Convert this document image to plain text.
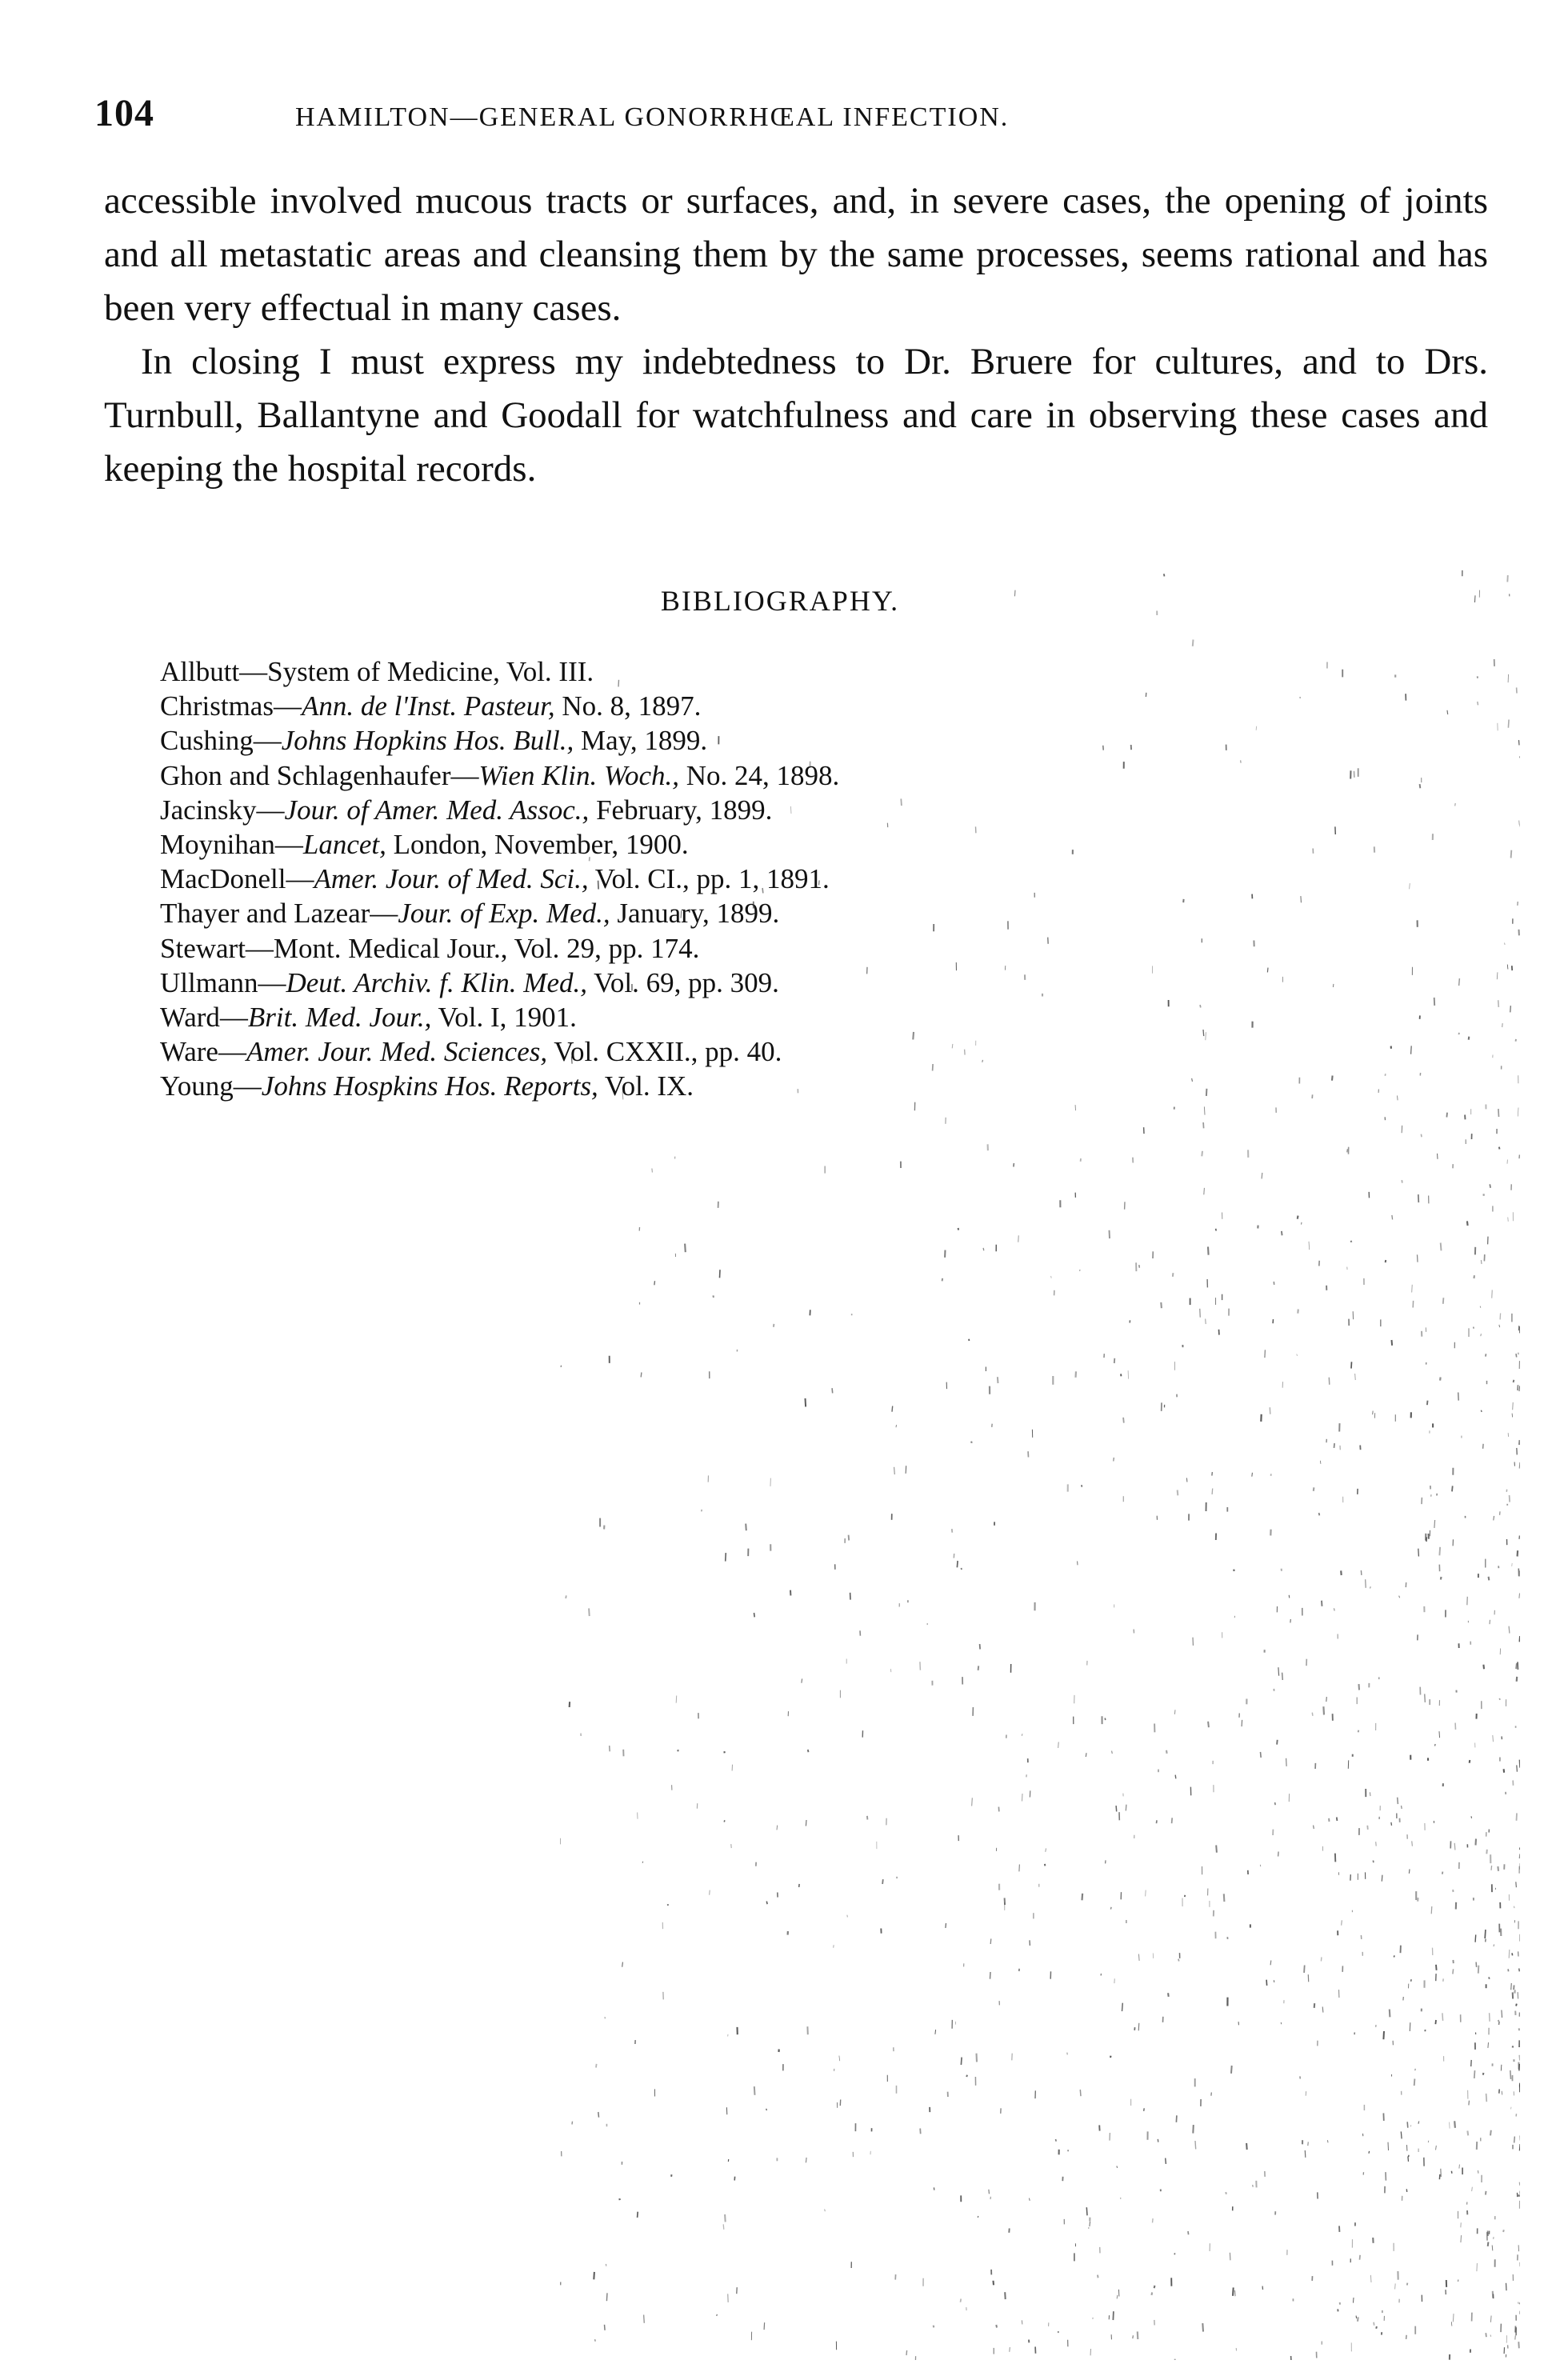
104	HAMILTON—GENERAL GONORRHŒAL INFECTION.

accessible involved mucous tracts or surfaces, and, in severe cases, the opening of joints and all metastatic areas and cleansing them by the same processes, seems rational and has been very effectual in many cases.

In closing I must express my indebtedness to Dr. Bruere for cultures, and to Drs. Turnbull, Ballantyne and Goodall for watchfulness and care in observing these cases and keeping the hospital records.

BIBLIOGRAPHY.
Allbutt—System of Medicine, Vol. III.
Christmas—Ann. de l'Inst. Pasteur, No. 8, 1897.
Cushing—Johns Hopkins Hos. Bull., May, 1899.
Ghon and Schlagenhaufer—Wien Klin. Woch., No. 24, 1898.
Jacinsky—Jour. of Amer. Med. Assoc., February, 1899.
Moynihan—Lancet, London, November, 1900.
MacDonell—Amer. Jour. of Med. Sci., Vol. CI., pp. 1, 1891.
Thayer and Lazear—Jour. of Exp. Med., January, 1899.
Stewart—Mont. Medical Jour., Vol. 29, pp. 174.
Ullmann—Deut. Archiv. f. Klin. Med., Vol. 69, pp. 309.
Ward—Brit. Med. Jour., Vol. I, 1901.
Ware—Amer. Jour. Med. Sciences, Vol. CXXII., pp. 40.
Young—Johns Hospkins Hos. Reports, Vol. IX.
